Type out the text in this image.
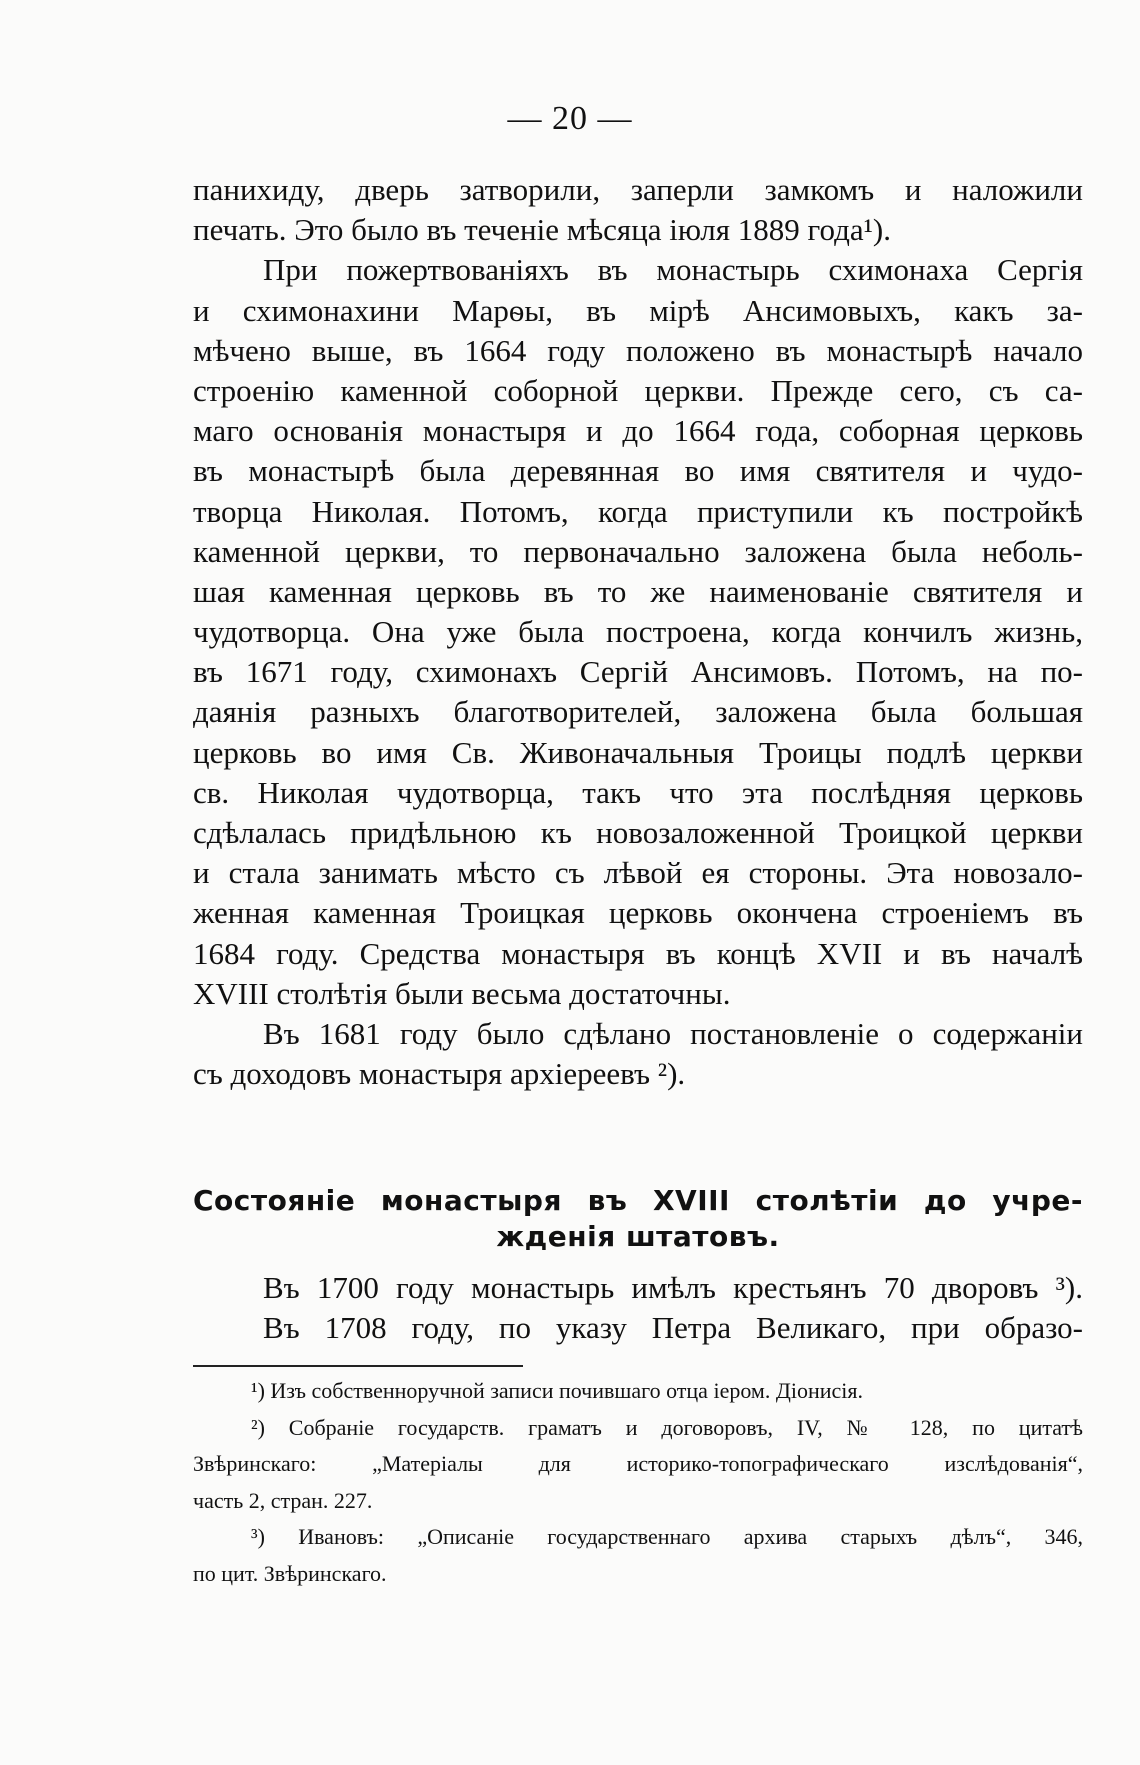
— 20 —
панихиду, дверь затворили, заперли замкомъ и наложили
печать. Это было въ теченіе мѣсяца іюля 1889 года¹).
При пожертвованіяхъ въ монастырь схимонаха Сергія
и схимонахини Марѳы, въ мірѣ Ансимовыхъ, какъ за-
мѣчено выше, въ 1664 году положено въ монастырѣ начало
строенію каменной соборной церкви. Прежде сего, съ са-
маго основанія монастыря и до 1664 года, соборная церковь
въ монастырѣ была деревянная во имя святителя и чудо-
творца Николая. Потомъ, когда приступили къ постройкѣ
каменной церкви, то первоначально заложена была неболь-
шая каменная церковь въ то же наименованіе святителя и
чудотворца. Она уже была построена, когда кончилъ жизнь,
въ 1671 году, схимонахъ Сергій Ансимовъ. Потомъ, на по-
даянія разныхъ благотворителей, заложена была большая
церковь во имя Св. Живоначальныя Троицы подлѣ церкви
св. Николая чудотворца, такъ что эта послѣдняя церковь
сдѣлалась придѣльною къ новозаложенной Троицкой церкви
и стала занимать мѣсто съ лѣвой ея стороны. Эта новозало-
женная каменная Троицкая церковь окончена строеніемъ въ
1684 году. Средства монастыря въ концѣ XVII и въ началѣ
XVIII столѣтія были весьма достаточны.
Въ 1681 году было сдѣлано постановленіе о содержаніи
съ доходовъ монастыря архіереевъ ²).
Состояніе монастыря въ XVIII столѣтіи до учре-
жденія штатовъ.
Въ 1700 году монастырь имѣлъ крестьянъ 70 дворовъ ³).
Въ 1708 году, по указу Петра Великаго, при образо-
¹) Изъ собственноручной записи почившаго отца іером. Діонисія.
²) Собраніе государств. граматъ и договоровъ, IV, № 128, по цитатѣ
Звѣринскаго: „Матеріалы для историко-топографическаго изслѣдованія“,
часть 2, стран. 227.
³) Ивановъ: „Описаніе государственнаго архива старыхъ дѣлъ“, 346,
по цит. Звѣринскаго.
